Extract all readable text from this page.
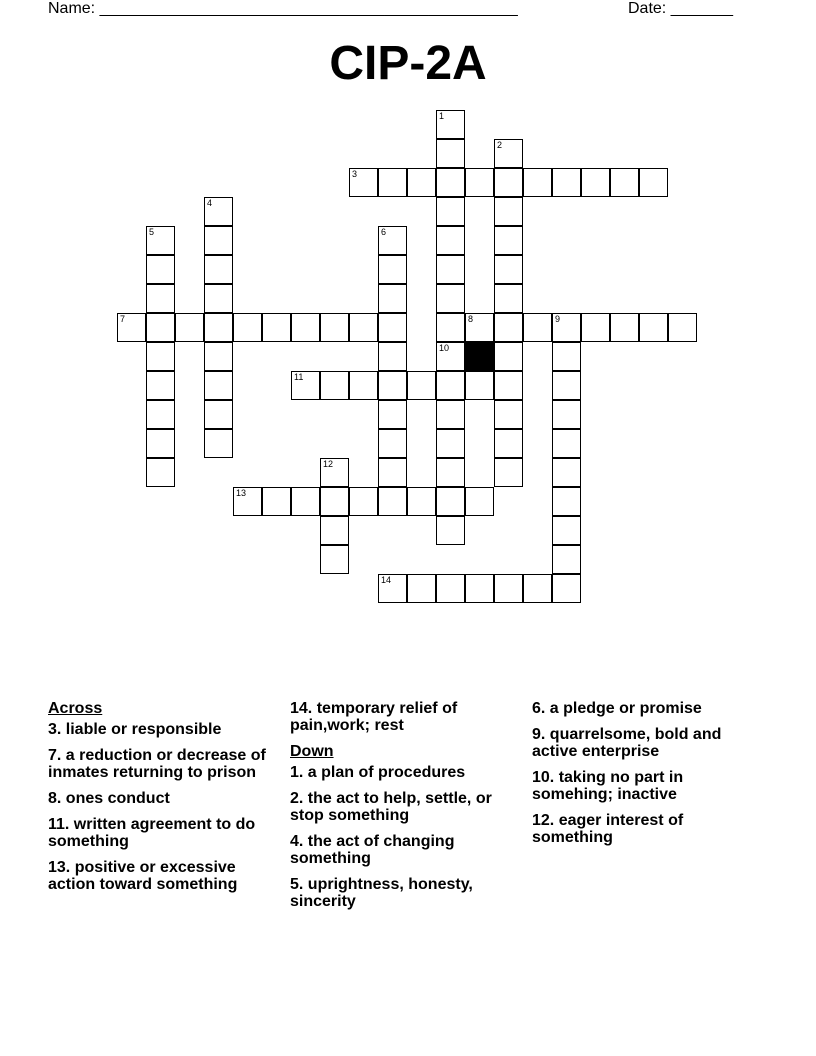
Name: _______________________________________________	Date: _______
CIP-2A
1
10
2
3
4
5	6
7	8	9
11
12
13
14
Across
3. liable or responsible
7. a reduction or decrease of inmates returning to prison
8. ones conduct
11. written agreement to do something
13. positive or excessive action toward something
14. temporary relief of pain,work; rest
Down
1. a plan of procedures
2. the act to help, settle, or stop something
4. the act of changing something
5. uprightness, honesty, sincerity
6. a pledge or promise
9. quarrelsome, bold and active enterprise
10. taking no part in somehing; inactive
12. eager interest of something
